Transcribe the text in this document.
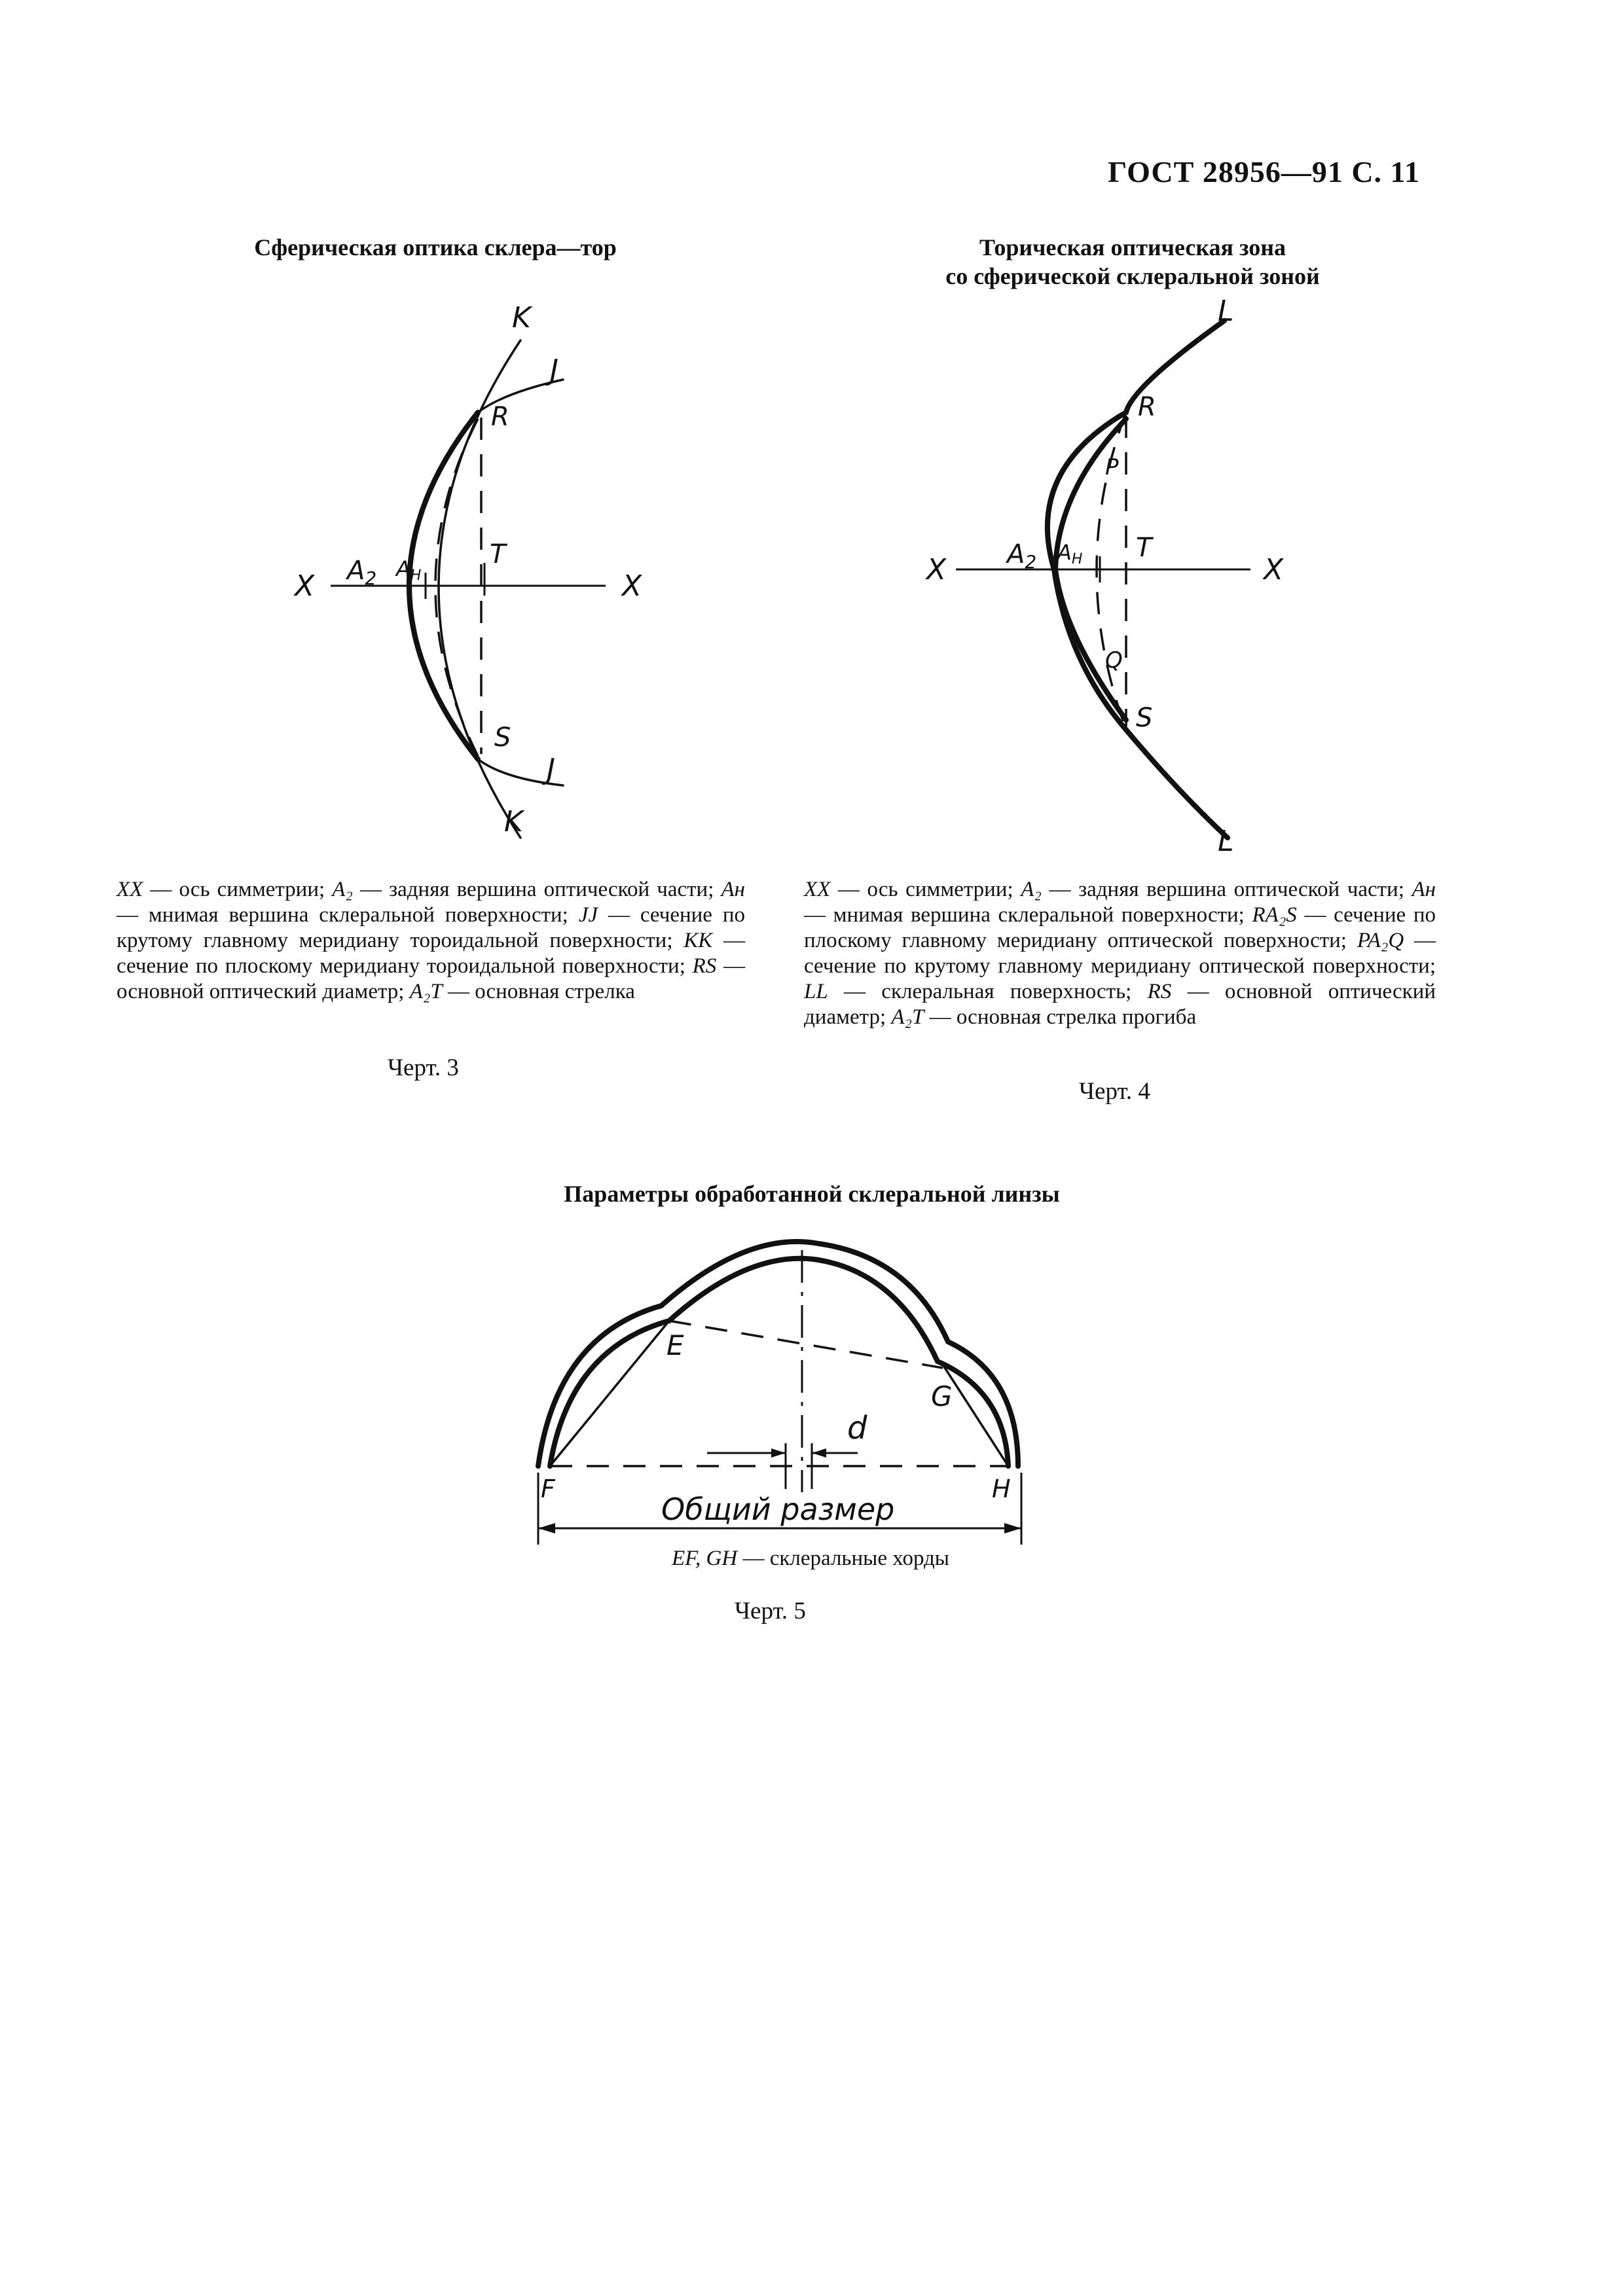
ГОСТ 28956—91 С. 11
Сферическая оптика склера—тор
K
J
R
T
X	X
$A_2$ AH
S
J
K
XX — ось симметрии; A₂ — задняя вершина оптической части; Aн — мнимая вершина склеральной поверхности; JJ — сечение по крутому главному меридиану тороидальной поверхности; KK — сечение по плоскому меридиану тороидальной поверхности; RS — основной оптический диаметр; A₂T — основная стрелка
Черт. 3
Торическая оптическая зона
со сферической склеральной зоной
L
R
P
T
X	X
$A_2$ AH
Q
S
L
XX — ось симметрии; A₂ — задняя вершина оптической части; Aн — мнимая вершина склеральной поверхности; RA₂S — сечение по плоскому главному меридиану оптической поверхности; PA₂Q — сечение по крутому главному меридиану оптической поверхности; LL — склеральная поверхность; RS — основной оптический диаметр; A₂T — основная стрелка прогиба
Черт. 4
Параметры обработанной склеральной линзы
E
G
F	H
d
Общий размер
EF, GH — склеральные хорды
Черт. 5
